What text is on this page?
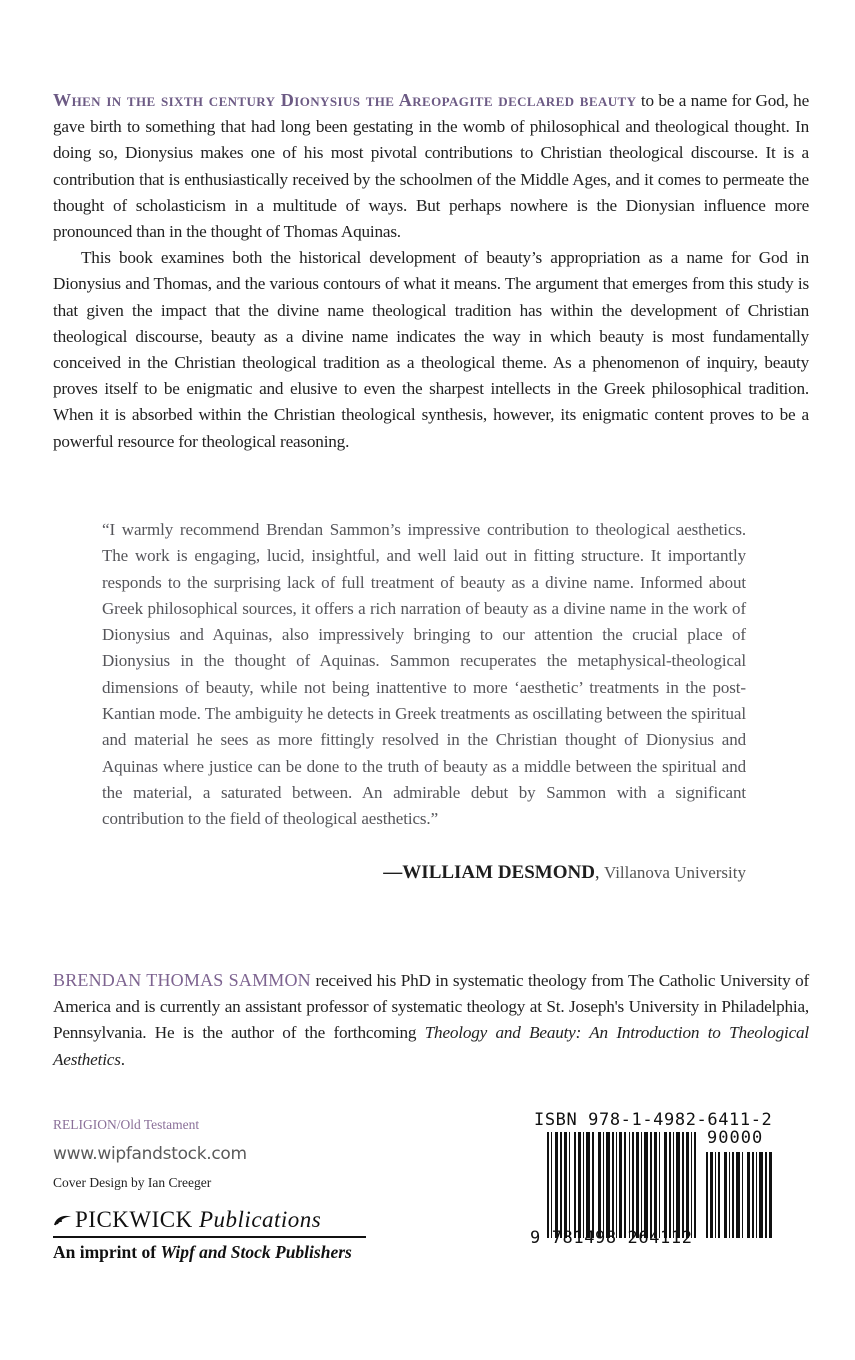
When in the sixth century Dionysius the Areopagite declared beauty to be a name for God, he gave birth to something that had long been gestating in the womb of philosophical and theological thought. In doing so, Dionysius makes one of his most pivotal contributions to Christian theological discourse. It is a contribution that is enthusiastically received by the schoolmen of the Middle Ages, and it comes to permeate the thought of scholasticism in a multitude of ways. But perhaps nowhere is the Dionysian influence more pronounced than in the thought of Thomas Aquinas.

This book examines both the historical development of beauty’s appropriation as a name for God in Dionysius and Thomas, and the various contours of what it means. The argument that emerges from this study is that given the impact that the divine name theological tradition has within the development of Christian theological discourse, beauty as a divine name indicates the way in which beauty is most fundamentally conceived in the Christian theological tradition as a theological theme. As a phenomenon of inquiry, beauty proves itself to be enigmatic and elusive to even the sharpest intellects in the Greek philosophical tradition. When it is absorbed within the Christian theological synthesis, however, its enigmatic content proves to be a powerful resource for theological reasoning.

“I warmly recommend Brendan Sammon’s impressive contribution to theological aesthetics. The work is engaging, lucid, insightful, and well laid out in fitting structure. It importantly responds to the surprising lack of full treatment of beauty as a divine name. Informed about Greek philosophical sources, it offers a rich narration of beauty as a divine name in the work of Dionysius and Aquinas, also impressively bringing to our attention the crucial place of Dionysius in the thought of Aquinas. Sammon recuperates the metaphysical-theological dimensions of beauty, while not being inattentive to more ‘aesthetic’ treatments in the post-Kantian mode. The ambiguity he detects in Greek treatments as oscillating between the spiritual and material he sees as more fittingly resolved in the Christian thought of Dionysius and Aquinas where justice can be done to the truth of beauty as a middle between the spiritual and the material, a saturated between. An admirable debut by Sammon with a significant contribution to the field of theological aesthetics.”
—WILLIAM DESMOND, Villanova University
BRENDAN THOMAS SAMMON received his PhD in systematic theology from The Catholic University of America and is currently an assistant professor of systematic theology at St. Joseph's University in Philadelphia, Pennsylvania. He is the author of the forthcoming Theology and Beauty: An Introduction to Theological Aesthetics.
RELIGION/Old Testament
www.wipfandstock.com
Cover Design by Ian Creeger
PICKWICK
Publications
An imprint of Wipf and Stock Publishers
ISBN 978-1-4982-6411-2
90000
9 781498 264112
